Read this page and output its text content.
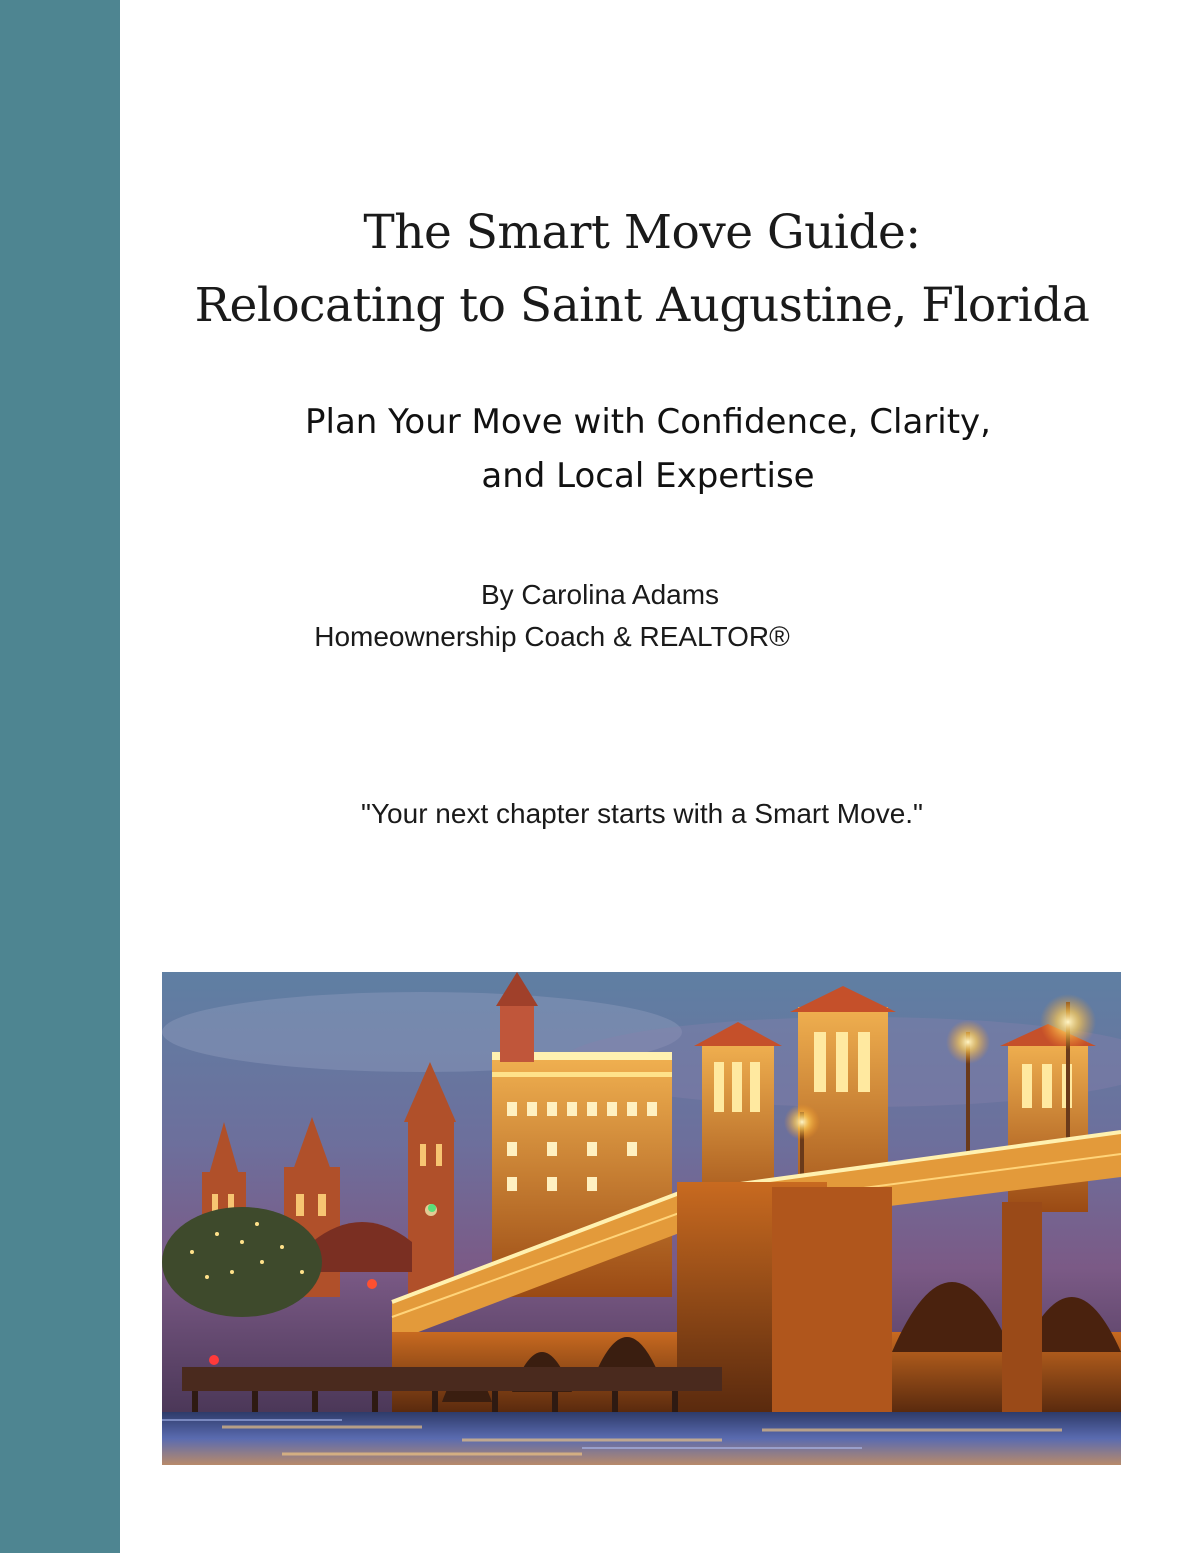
The Smart Move Guide:
Relocating to Saint Augustine, Florida
Plan Your Move with Confidence, Clarity,
and Local Expertise
By Carolina Adams
Homeownership Coach & REALTOR®
"Your next chapter starts with a Smart Move."
